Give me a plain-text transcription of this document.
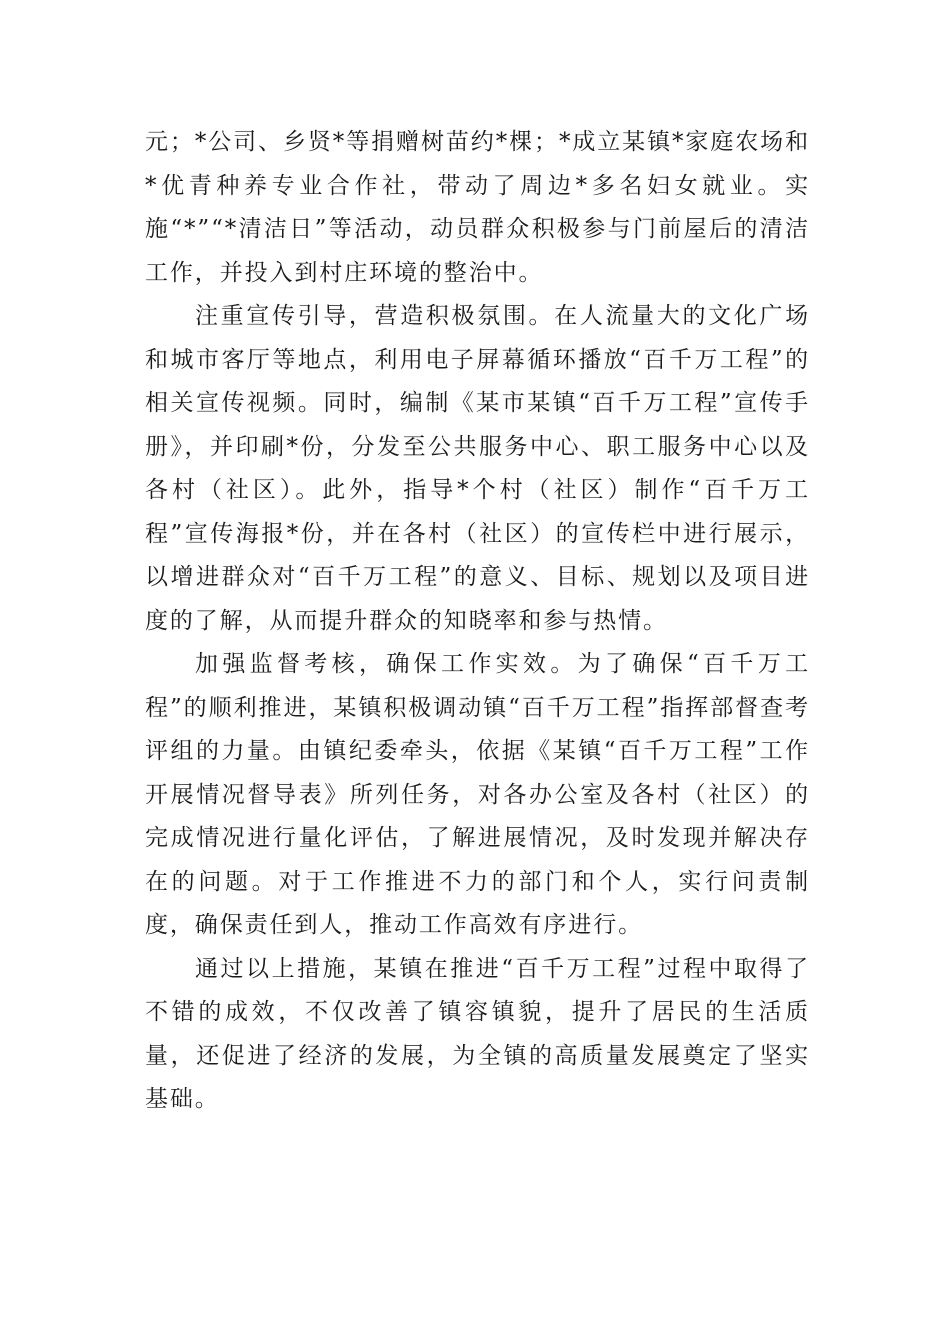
元；*公司、乡贤*等捐赠树苗约*棵；*成立某镇*家庭农场和*优青种养专业合作社，带动了周边*多名妇女就业。实施“*”“*清洁日”等活动，动员群众积极参与门前屋后的清洁工作，并投入到村庄环境的整治中。

注重宣传引导，营造积极氛围。在人流量大的文化广场和城市客厅等地点，利用电子屏幕循环播放“百千万工程”的相关宣传视频。同时，编制《某市某镇“百千万工程”宣传手册》，并印刷*份，分发至公共服务中心、职工服务中心以及各村（社区）。此外，指导*个村（社区）制作“百千万工程”宣传海报*份，并在各村（社区）的宣传栏中进行展示，以增进群众对“百千万工程”的意义、目标、规划以及项目进度的了解，从而提升群众的知晓率和参与热情。

加强监督考核，确保工作实效。为了确保“百千万工程”的顺利推进，某镇积极调动镇“百千万工程”指挥部督查考评组的力量。由镇纪委牵头，依据《某镇“百千万工程”工作开展情况督导表》所列任务，对各办公室及各村（社区）的完成情况进行量化评估，了解进展情况，及时发现并解决存在的问题。对于工作推进不力的部门和个人，实行问责制度，确保责任到人，推动工作高效有序进行。

通过以上措施，某镇在推进“百千万工程”过程中取得了不错的成效，不仅改善了镇容镇貌，提升了居民的生活质量，还促进了经济的发展，为全镇的高质量发展奠定了坚实基础。
